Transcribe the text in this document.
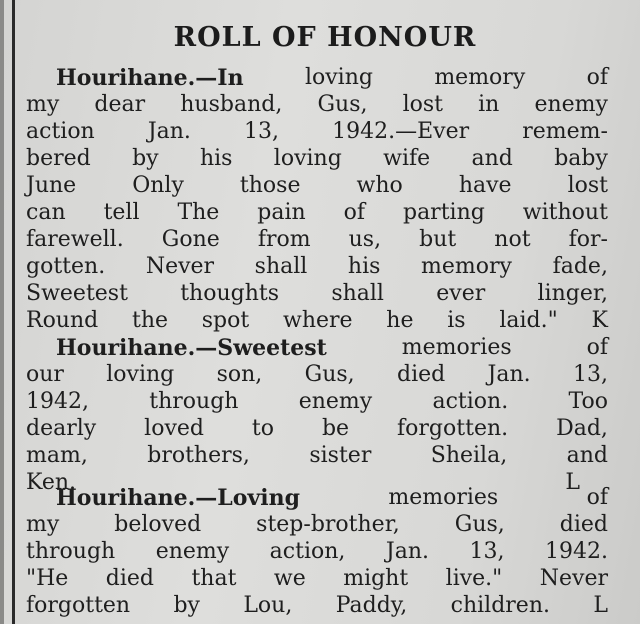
ROLL OF HONOUR
Hourihane.—In	loving	memory	of
my dear husband, Gus, lost in enemy
action Jan. 13, 1942.—Ever remem-
bered by his loving wife and baby
June	Only	those	who	have	lost
can tell The pain of parting without
farewell. Gone from us, but not for-
gotten. Never shall his memory fade,
Sweetest thoughts shall ever linger,
Round the spot where he is laid." K
Hourihane.—Sweetest	memories	of
our loving son, Gus, died Jan. 13,
1942,	through	enemy	action.	Too
dearly loved to be forgotten. Dad,
mam,	brothers,	sister	Sheila,	and
Ken.	L
Hourihane.—Loving	memories	of
my beloved step-brother, Gus, died
through enemy action, Jan. 13, 1942.
"He died that we might live." Never
forgotten by Lou, Paddy, children. L
